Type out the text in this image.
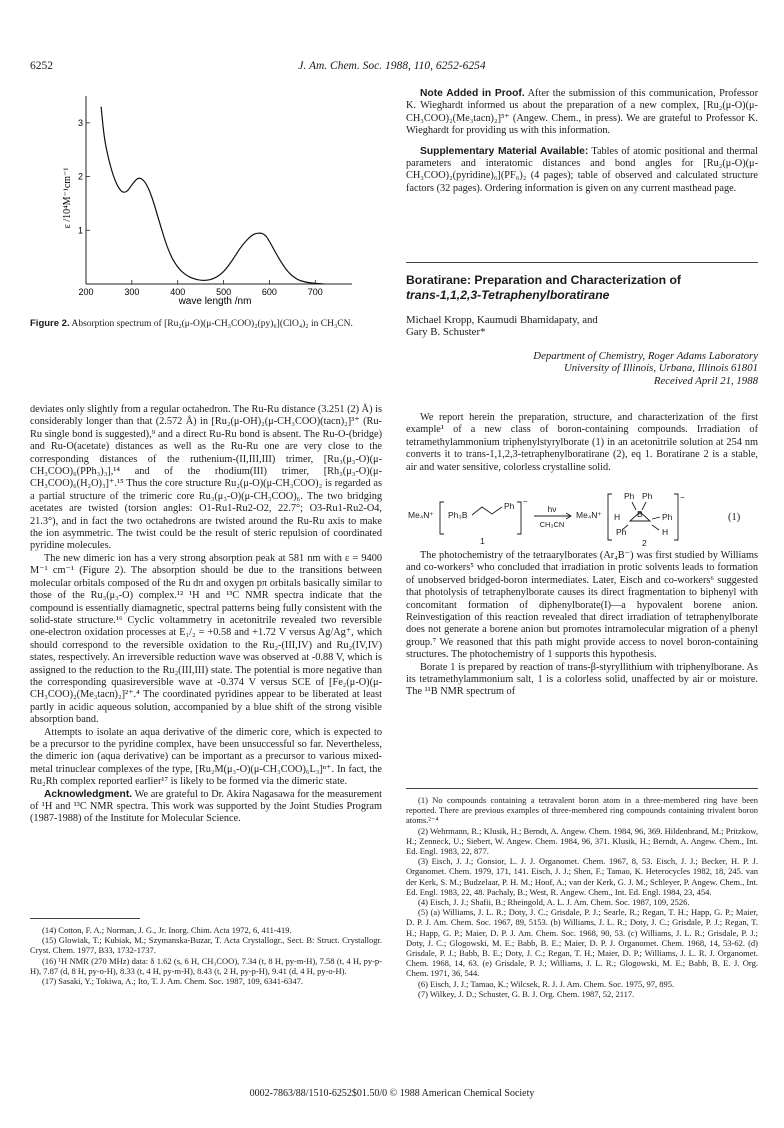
6252	J. Am. Chem. Soc. 1988, 110, 6252-6254
200	300	400	500	600	700
1
2
3
wave length /nm
ε /10⁴M⁻¹cm⁻¹
Figure 2. Absorption spectrum of [Ru₂(μ-O)(μ-CH₃COO)₂(py)₆](ClO₄)₂ in CH₃CN.

deviates only slightly from a regular octahedron. The Ru-Ru distance (3.251 (2) Å) is considerably longer than that (2.572 Å) in [Ru₂(μ-OH)₂(μ-CH₃COO)(tacn)₂]³⁺ (Ru-Ru single bond is suggested),⁹ and a direct Ru-Ru bond is absent. The Ru-O-(bridge) and Ru-O(acetate) distances as well as the Ru-Ru one are very close to the corresponding distances of the ruthenium-(II,III,III) trimer, [Ru₃(μ₃-O)(μ-CH₃COO)₆(PPh₃)₃],¹⁴ and of the rhodium(III) trimer, [Rh₃(μ₃-O)(μ-CH₃COO)₆(H₂O)₃]⁺.¹⁵ Thus the core structure Ru₂(μ-O)(μ-CH₃COO)₂ is regarded as a partial structure of the trimeric core Ru₃(μ₃-O)(μ-CH₃COO)₆. The two bridging acetates are twisted (torsion angles: O1-Ru1-Ru2-O2, 22.7°; O3-Ru1-Ru2-O4, 21.3°), and in fact the two octahedrons are twisted around the Ru-Ru axis to make the ion asymmetric. The twist could be the result of steric repulsion of coordinated pyridine molecules.

The new dimeric ion has a very strong absorption peak at 581 nm with ε = 9400 M⁻¹ cm⁻¹ (Figure 2). The absorption should be due to the transitions between molecular orbitals composed of the Ru dπ and oxygen pπ orbitals basically similar to those of the Ru₃(μ₃-O) complex.¹² ¹H and ¹³C NMR spectra indicate that the compound is essentially diamagnetic, spectral patterns being fully consistent with the solid-state structure.¹⁶ Cyclic voltammetry in acetonitrile revealed two reversible one-electron oxidation processes at E₁/₂ = +0.58 and +1.72 V versus Ag/Ag⁺, which should correspond to the reversible oxidation to the Ru₂-(III,IV) and Ru₂(IV,IV) states, respectively. An irreversible reduction wave was observed at -0.88 V, which is assigned to the reduction to the Ru₂(III,III) state. The potential is more negative than the corresponding quasireversible wave at -0.374 V versus SCE of [Fe₂(μ-O)(μ-CH₃COO)₂(Me₃tacn)₂]²⁺.⁴ The coordinated pyridines appear to be liberated at least partly in acidic aqueous solution, accompanied by a blue shift of the strong visible absorption band.

Attempts to isolate an aqua derivative of the dimeric core, which is expected to be a precursor to the pyridine complex, have been unsuccessful so far. Nevertheless, the dimeric ion (aqua derivative) can be important as a precursor to various mixed-metal trinuclear complexes of the type, [Ru₂M(μ₃-O)(μ-CH₃COO)₆L₃]ⁿ⁺. In fact, the Ru₂Rh complex reported earlier¹⁷ is likely to be formed via the dimeric state.

Acknowledgment. We are grateful to Dr. Akira Nagasawa for the measurement of ¹H and ¹³C NMR spectra. This work was supported by the Joint Studies Program (1987-1988) of the Institute for Molecular Science.

(14) Cotton, F. A.; Norman, J. G., Jr. Inorg. Chim. Acta 1972, 6, 411-419.
(15) Glowiak, T.; Kubiak, M.; Szymanska-Buzar, T. Acta Crystallogr., Sect. B: Struct. Crystallogr. Cryst. Chem. 1977, B33, 1732-1737.
(16) ¹H NMR (270 MHz) data: δ 1.62 (s, 6 H, CH₃COO), 7.34 (t, 8 H, py-m-H), 7.58 (t, 4 H, py-p-H), 7.87 (d, 8 H, py-o-H), 8.33 (t, 4 H, py-m-H), 8.43 (t, 2 H, py-p-H), 9.41 (d, 4 H, py-o-H).
(17) Sasaki, Y.; Tokiwa, A.; Ito, T. J. Am. Chem. Soc. 1987, 109, 6341-6347.

Note Added in Proof. After the submission of this communication, Professor K. Wieghardt informed us about the preparation of a new complex, [Ru₂(μ-O)(μ-CH₃COO)₂(Me₃tacn)₂]³⁺ (Angew. Chem., in press). We are grateful to Professor K. Wieghardt for providing us with this information.

Supplementary Material Available: Tables of atomic positional and thermal parameters and interatomic distances and bond angles for [Ru₂(μ-O)(μ-CH₃COO)₂(pyridine)₆](PF₆)₂ (4 pages); table of observed and calculated structure factors (32 pages). Ordering information is given on any current masthead page.

Boratirane: Preparation and Characterization of
trans-1,1,2,3-Tetraphenylboratirane
Michael Kropp, Kaumudi Bhamidapaty, and
Gary B. Schuster*
Department of Chemistry, Roger Adams Laboratory
University of Illinois, Urbana, Illinois 61801
Received April 21, 1988

We report herein the preparation, structure, and characterization of the first example¹ of a new class of boron-containing compounds. Irradiation of tetramethylammonium triphenylstyrylborate (1) in an acetonitrile solution at 254 nm converts it to trans-1,1,2,3-tetraphenylboratirane (2), eq 1. Boratirane 2 is a stable, air and water sensitive, colorless crystalline solid.

Me₄N⁺ Ph₃B
Ph −
1
hν
CH₃CN
Me₄N⁺
Ph Ph
B
H	Ph
Ph	H
−
2
(1)

The photochemistry of the tetraarylborates (Ar₄B⁻) was first studied by Williams and co-workers⁵ who concluded that irradiation in protic solvents leads to formation of unobserved bridged-boron intermediates. Later, Eisch and co-workers⁶ suggested that photolysis of tetraphenylborate causes its direct fragmentation to biphenyl with concomitant formation of diphenylborate(I)—a hypovalent borene anion. Reinvestigation of this reaction revealed that direct irradiation of tetraphenylborate does not generate a borene anion but promotes intramolecular migration of a phenyl group.⁷ We reasoned that this path might provide access to novel boron-containing structures. The photochemistry of 1 supports this hypothesis.

Borate 1 is prepared by reaction of trans-β-styryllithium with triphenylborane. As its tetramethylammonium salt, 1 is a colorless solid, unaffected by air or moisture. The ¹¹B NMR spectrum of

(1) No compounds containing a tetravalent boron atom in a three-membered ring have been reported. There are previous examples of three-membered ring compounds containing trivalent boron atoms.²⁻⁴
(2) Wehrmann, R.; Klusik, H.; Berndt, A. Angew. Chem. 1984, 96, 369. Hildenbrand, M.; Pritzkow, H.; Zenneck, U.; Siebert, W. Angew. Chem. 1984, 96, 371. Klusik, H.; Berndt, A. Angew. Chem., Int. Ed. Engl. 1983, 22, 877.
(3) Eisch, J. J.; Gonsior, L. J. J. Organomet. Chem. 1967, 8, 53. Eisch, J. J.; Becker, H. P. J. Organomet. Chem. 1979, 171, 141. Eisch, J. J.; Shen, F.; Tamao, K. Heterocycles 1982, 18, 245. van der Kerk, S. M.; Budzelaar, P. H. M.; Hoof, A.; van der Kerk, G. J. M.; Schleyer, P. Angew. Chem., Int. Ed. Engl. 1983, 22, 48. Pachaly, B.; West, R. Angew. Chem., Int. Ed. Engl. 1984, 23, 454.
(4) Eisch, J. J.; Shafii, B.; Rheingold, A. L. J. Am. Chem. Soc. 1987, 109, 2526.
(5) (a) Williams, J. L. R.; Doty, J. C.; Grisdale, P. J.; Searle, R.; Regan, T. H.; Happ, G. P.; Maier, D. P. J. Am. Chem. Soc. 1967, 89, 5153. (b) Williams, J. L. R.; Doty, J. C.; Grisdale, P. J.; Regan, T. H.; Happ, G. P.; Maier, D. P. J. Am. Chem. Soc. 1968, 90, 53. (c) Williams, J. L. R.; Grisdale, P. J.; Doty, J. C.; Glogowski, M. E.; Babb, B. E.; Maier, D. P. J. Organomet. Chem. 1968, 14, 53-62. (d) Grisdale, P. J.; Babb, B. E.; Doty, J. C.; Regan, T. H.; Maier, D. P.; Williams, J. L. R. J. Organomet. Chem. 1968, 14, 63. (e) Grisdale, P. J.; Williams, J. L. R.; Glogowski, M. E.; Babb, B. E. J. Org. Chem. 1971, 36, 544.
(6) Eisch, J. J.; Tamao, K.; Wilcsek, R. J. J. Am. Chem. Soc. 1975, 97, 895.
(7) Wilkey, J. D.; Schuster, G. B. J. Org. Chem. 1987, 52, 2117.
0002-7863/88/1510-6252$01.50/0 © 1988 American Chemical Society
